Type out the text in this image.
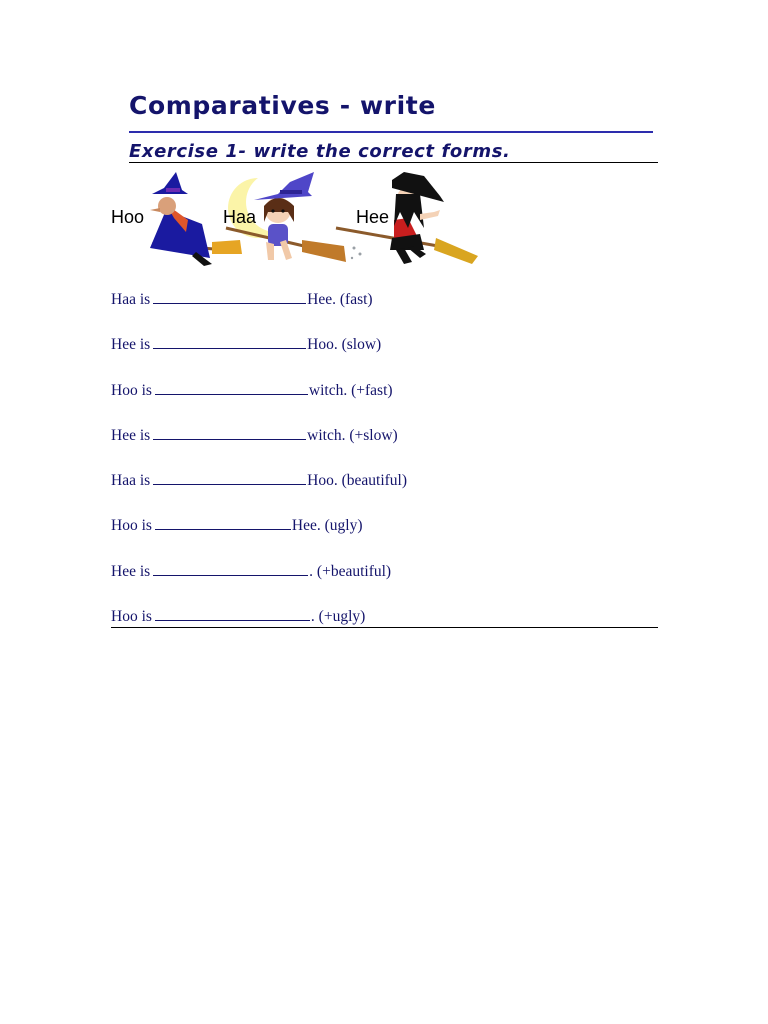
Comparatives - write
Exercise 1- write the correct forms.
Hoo	Haa	Hee
Haa is	Hee. (fast)
Hee is	Hoo. (slow)
Hoo is	witch. (+fast)
Hee is	witch. (+slow)
Haa is	Hoo. (beautiful)
Hoo is	Hee. (ugly)
Hee is	. (+beautiful)
Hoo is	. (+ugly)
